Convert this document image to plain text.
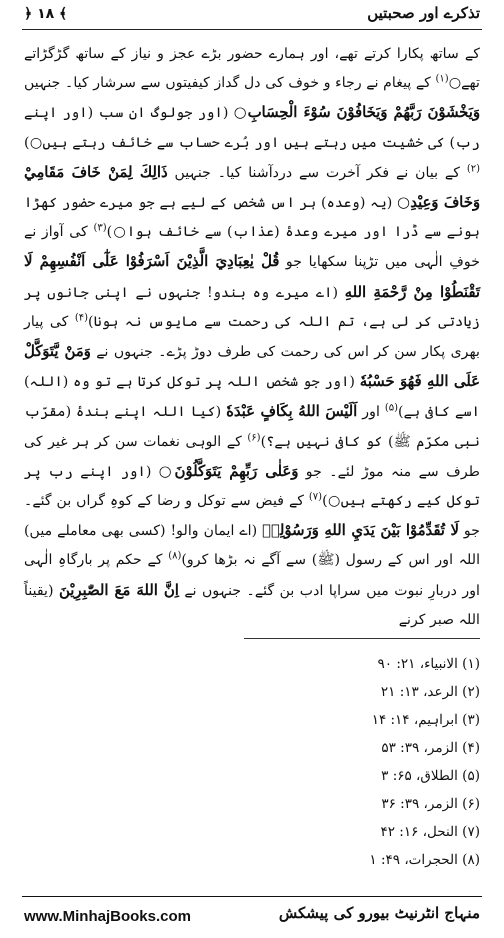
﴿ ۱۸ ﴾	تذکرے اور صحبتیں

کے ساتھ پکارا کرتے تھے، اور ہمارے حضور بڑے عجز و نیاز کے ساتھ گڑگڑاتے تھے○$^{(۱)}$ کے پیغام نے رجاء و خوف کی دل گداز کیفیتوں سے سرشار کیا۔ جنہیں وَيَخْشَوْنَ رَبَّهُمْ وَيَخَافُوْنَ سُوْءَ الْحِسَابِ○ (اور جولوگ ان سب (اور اپنے رب) کی خشیت میں رہتے ہیں اور بُرے حساب سے خائف رہتے ہیں○)$^{(۲)}$ کے بیان نے فکر آخرت سے دردآشنا کیا۔ جنہیں ذَالِكَ لِمَنْ خَافَ مَقَامِيْ وَخَافَ وَعِيْدِ○ (یہ (وعدہ) ہر اس شخص کے لیے ہے جو میرے حضور کھڑا ہونے سے ڈرا اور میرے وعدۂ (عذاب) سے خائف ہوا○)$^{(۳)}$ کی آواز نے خوفِ الٰہی میں تڑپنا سکھایا جو قُلْ يٰعِبَادِيَ الَّذِيْنَ اَسْرَفُوْا عَلٰٓى اَنْفُسِهِمْ لَا تَقْنَطُوْا مِنْ رَّحْمَةِ اللهِ (اے میرے وہ بندو! جنہوں نے اپنی جانوں پر زیادتی کر لی ہے، تم اللہ کی رحمت سے مایوس نہ ہونا)$^{(۴)}$ کی پیار بھری پکار سن کر اس کی رحمت کی طرف دوڑ پڑے۔ جنہوں نے وَمَنْ يَّتَوَكَّلْ عَلَى اللهِ فَهُوَ حَسْبُهٗ (اور جو شخص اللہ پر توکل کرتا ہے تو وہ (اللہ) اسے کافی ہے)$^{(۵)}$ اور اَلَيْسَ اللهُ بِكَافٍ عَبْدَهٗ (کیا اللہ اپنے بندۂ (مقرّب نبی مکرّم ﷺ) کو کافی نہیں ہے؟)$^{(۶)}$ کے الوہی نغمات سن کر ہر غیر کی طرف سے منہ موڑ لئے۔ جو وَعَلٰى رَبِّهِمْ يَتَوَكَّلُوْنَ○ (اور اپنے رب پر توکل کیے رکھتے ہیں○)$^{(۷)}$ کے فیض سے توکل و رضا کے کوہِ گراں بن گئے۔ جو لَا تُقَدِّمُوْا بَيْنَ يَدَيِ اللهِ وَرَسُوْلِهٖ (اے ایمان والو! (کسی بھی معاملے میں) اللہ اور اس کے رسول (ﷺ) سے آگے نہ بڑھا کرو)$^{(۸)}$ کے حکم پر بارگاہِ الٰہی اور دربارِ نبوت میں سراپا ادب بن گئے۔ جنہوں نے اِنَّ اللهَ مَعَ الصّٰبِرِيْنَ (یقیناً اللہ صبر کرنے

(۱) الانبیاء، ۲۱: ۹۰
(۲) الرعد، ۱۳: ۲۱
(۳) ابراہیم، ۱۴: ۱۴
(۴) الزمر، ۳۹: ۵۳
(۵) الطلاق، ۶۵: ۳
(۶) الزمر، ۳۹: ۳۶
(۷) النحل، ۱۶: ۴۲
(۸) الحجرات، ۴۹: ۱
www.MinhajBooks.com	منہاج انٹرنیٹ بیورو کی پیشکش
